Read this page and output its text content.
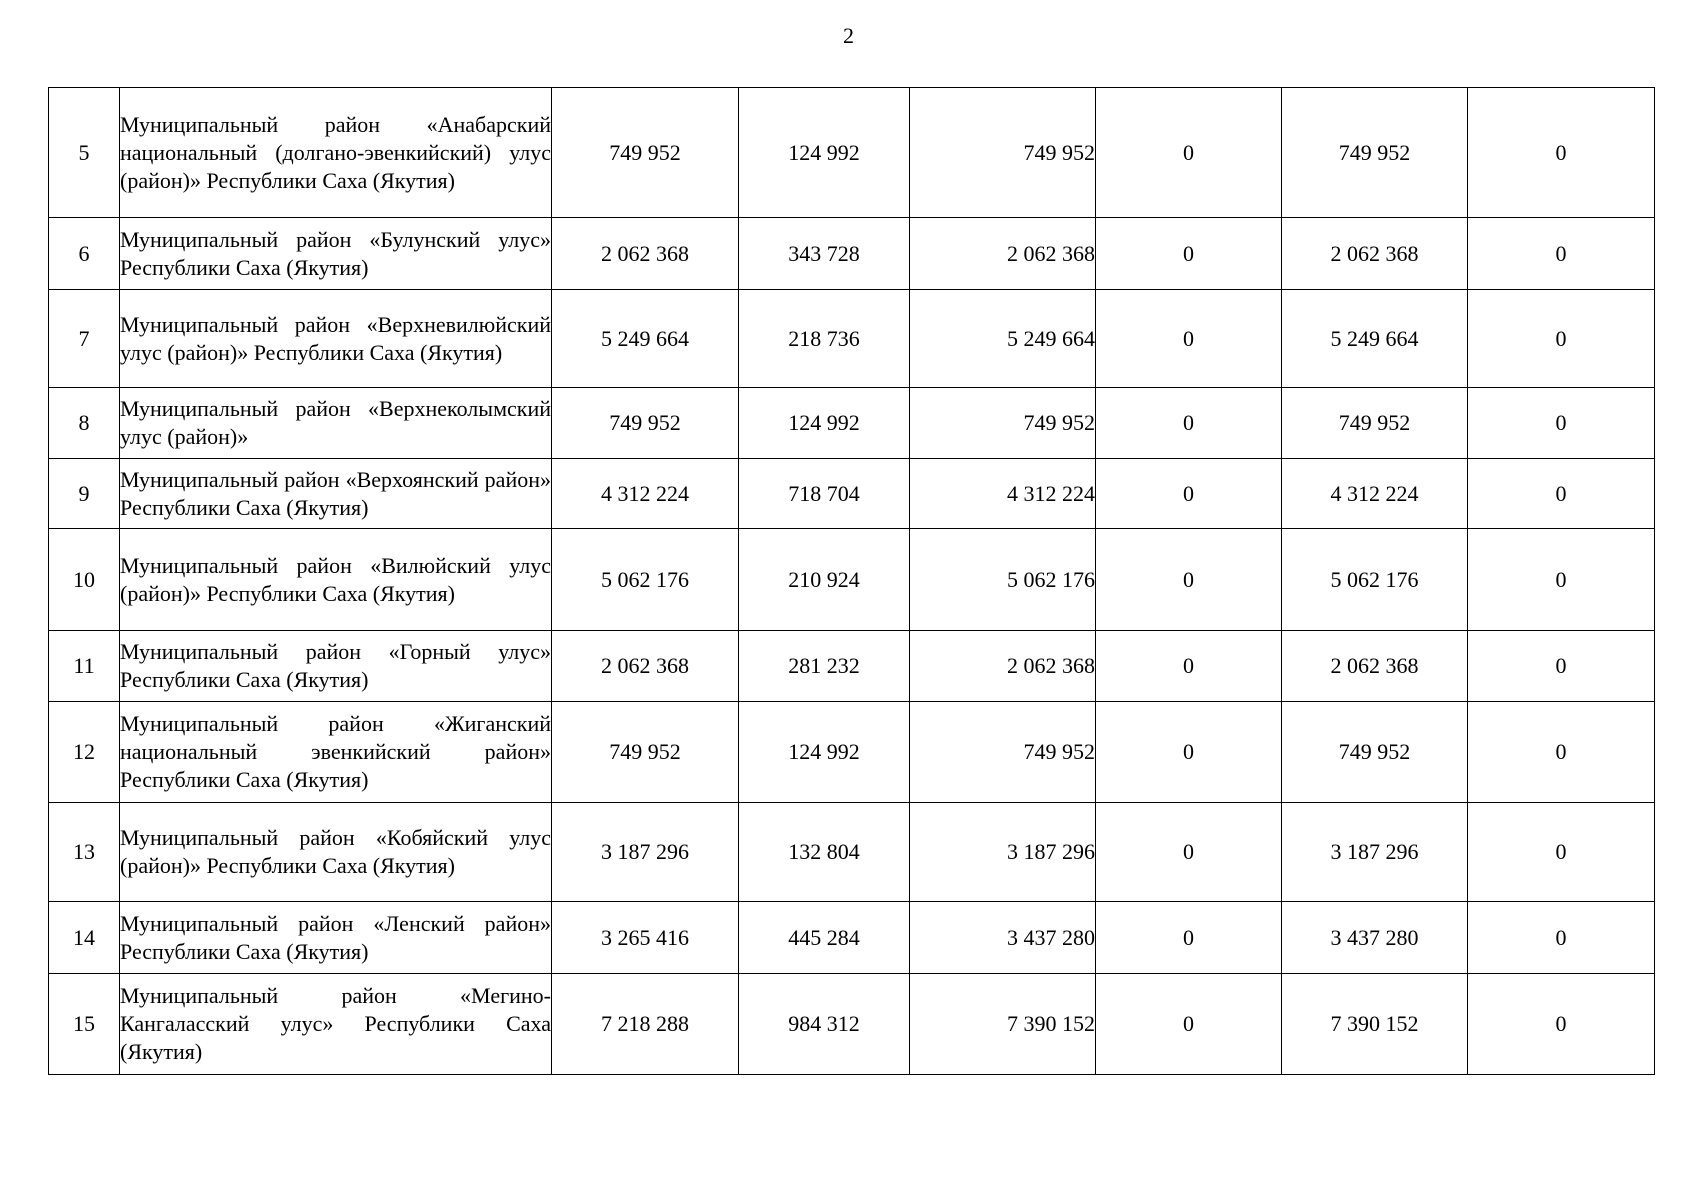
2
5	Муниципальный район «Анабарский национальный (долгано-эвенкийский) улус (район)» Республики Саха (Якутия)	749 952	124 992	749 952	0	749 952	0
6	Муниципальный район «Булунский улус» Республики Саха (Якутия)	2 062 368	343 728	2 062 368	0	2 062 368	0
7	Муниципальный район «Верхневилюйский улус (район)» Республики Саха (Якутия)	5 249 664	218 736	5 249 664	0	5 249 664	0
8	Муниципальный район «Верхнеколымский улус (район)»	749 952	124 992	749 952	0	749 952	0
9	Муниципальный район «Верхоянский район» Республики Саха (Якутия)	4 312 224	718 704	4 312 224	0	4 312 224	0
10	Муниципальный район «Вилюйский улус (район)» Республики Саха (Якутия)	5 062 176	210 924	5 062 176	0	5 062 176	0
11	Муниципальный район «Горный улус» Республики Саха (Якутия)	2 062 368	281 232	2 062 368	0	2 062 368	0
12	Муниципальный район «Жиганский национальный эвенкийский район» Республики Саха (Якутия)	749 952	124 992	749 952	0	749 952	0
13	Муниципальный район «Кобяйский улус (район)» Республики Саха (Якутия)	3 187 296	132 804	3 187 296	0	3 187 296	0
14	Муниципальный район «Ленский район» Республики Саха (Якутия)	3 265 416	445 284	3 437 280	0	3 437 280	0
15	Муниципальный район «Мегино-Кангаласский улус» Республики Саха (Якутия)	7 218 288	984 312	7 390 152	0	7 390 152	0
